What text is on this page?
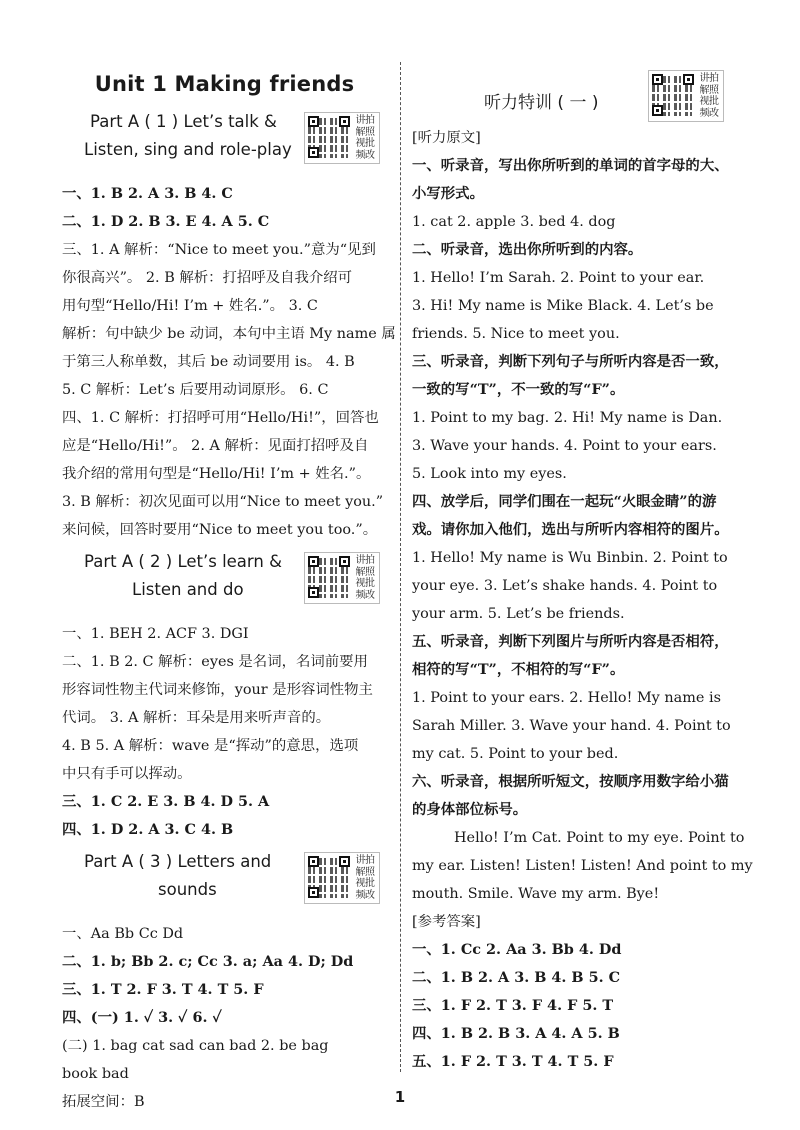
Unit 1 Making friends
Part A ( 1 ) Let’s talk &
Listen, sing and role-play
讲拍解照视批频改
一、1. B 2. A 3. B 4. C
二、1. D 2. B 3. E 4. A 5. C
三、1. A 解析：“Nice to meet you.”意为“见到
你很高兴”。 2. B 解析：打招呼及自我介绍可
用句型“Hello/Hi! I’m + 姓名.”。 3. C
解析：句中缺少 be 动词，本句中主语 My name 属
于第三人称单数，其后 be 动词要用 is。 4. B
5. C 解析：Let’s 后要用动词原形。 6. C
四、1. C 解析：打招呼可用“Hello/Hi!”，回答也
应是“Hello/Hi!”。 2. A 解析：见面打招呼及自
我介绍的常用句型是“Hello/Hi! I’m + 姓名.”。
3. B 解析：初次见面可以用“Nice to meet you.”
来问候，回答时要用“Nice to meet you too.”。
Part A ( 2 ) Let’s learn &
Listen and do
讲拍解照视批频改
一、1. BEH 2. ACF 3. DGI
二、1. B 2. C 解析：eyes 是名词，名词前要用
形容词性物主代词来修饰，your 是形容词性物主
代词。 3. A 解析：耳朵是用来听声音的。
4. B 5. A 解析：wave 是“挥动”的意思，选项
中只有手可以挥动。
三、1. C 2. E 3. B 4. D 5. A
四、1. D 2. A 3. C 4. B
Part A ( 3 ) Letters and
sounds
讲拍解照视批频改
一、Aa Bb Cc Dd
二、1. b; Bb 2. c; Cc 3. a; Aa 4. D; Dd
三、1. T 2. F 3. T 4. T 5. F
四、(一) 1. ✓ 3. ✓ 6. ✓
(二) 1. bag cat sad can bad 2. be bag
book bad
拓展空间：B
听力特训 ( 一 )
讲拍解照视批频改
[听力原文]
一、听录音，写出你所听到的单词的首字母的大、
小写形式。
1. cat 2. apple 3. bed 4. dog
二、听录音，选出你所听到的内容。
1. Hello! I’m Sarah. 2. Point to your ear.
3. Hi! My name is Mike Black. 4. Let’s be
friends. 5. Nice to meet you.
三、听录音，判断下列句子与所听内容是否一致，
一致的写“T”，不一致的写“F”。
1. Point to my bag. 2. Hi! My name is Dan.
3. Wave your hands. 4. Point to your ears.
5. Look into my eyes.
四、放学后，同学们围在一起玩“火眼金睛”的游
戏。请你加入他们，选出与所听内容相符的图片。
1. Hello! My name is Wu Binbin. 2. Point to
your eye. 3. Let’s shake hands. 4. Point to
your arm. 5. Let’s be friends.
五、听录音，判断下列图片与所听内容是否相符，
相符的写“T”，不相符的写“F”。
1. Point to your ears. 2. Hello! My name is
Sarah Miller. 3. Wave your hand. 4. Point to
my cat. 5. Point to your bed.
六、听录音，根据所听短文，按顺序用数字给小猫
的身体部位标号。
Hello! I’m Cat. Point to my eye. Point to
my ear. Listen! Listen! Listen! And point to my
mouth. Smile. Wave my arm. Bye!
[参考答案]
一、1. Cc 2. Aa 3. Bb 4. Dd
二、1. B 2. A 3. B 4. B 5. C
三、1. F 2. T 3. F 4. F 5. T
四、1. B 2. B 3. A 4. A 5. B
五、1. F 2. T 3. T 4. T 5. F
1
